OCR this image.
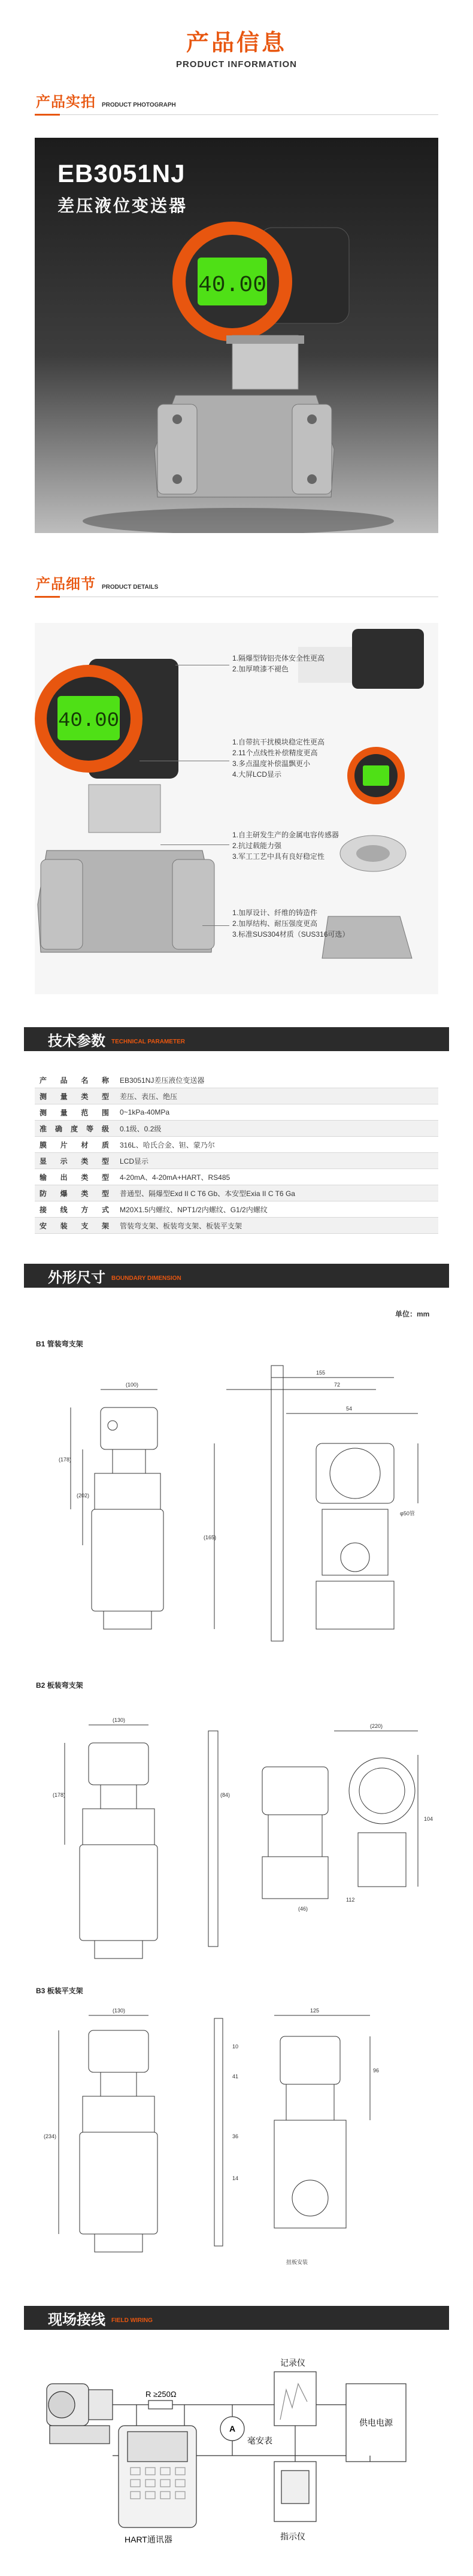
产品信息
PRODUCT INFORMATION
产品实拍 PRODUCT PHOTOGRAPH
EB3051NJ
差压液位变送器
40.00
产品细节 PRODUCT DETAILS
40.00
1.隔爆型铸铝壳体安全性更高
2.加厚喷漆不褪色
1.自带抗干扰模块稳定性更高
2.11个点线性补偿精度更高
3.多点温度补偿温飘更小
4.大屏LCD显示
1.自主研发生产的金属电容传感器
2.抗过载能力强
3.军工工艺中具有良好稳定性
1.加厚设计、纤维的铸造件
2.加厚结构、耐压强度更高
3.标准SUS304材质（SUS316可选）
技术参数 TECHNICAL PARAMETER
产品名称	EB3051NJ差压液位变送器
测量类型	差压、表压、绝压
测量范围	0~1kPa-40MPa
准确度等级	0.1级、0.2级
膜片材质	316L、哈氏合金、钽、蒙乃尔
显示类型	LCD显示
输出类型	4-20mA、4-20mA+HART、RS485
防爆类型	普通型、隔爆型Exd II C T6 Gb、本安型Exia II C T6 Ga
接线方式	M20X1.5内螺纹、NPT1/2内螺纹、G1/2内螺纹
安装支架	管装弯支架、板装弯支架、板装平支架
外形尺寸 BOUNDARY DIMENSION
单位：mm
B1 管装弯支架
(100)
(178)
(202)
155
72
54
(165)
φ50管
B2 板装弯支架
(130)
(178)
(220)
104
112
(84)
(46)
B3 板装平支架
(130)
(234)
125
96
41
36
14
10
扭板安装
现场接线 FIELD WIRING
A
R ≥250Ω
记录仪
毫安表
供电电源
HART通讯器	指示仪
